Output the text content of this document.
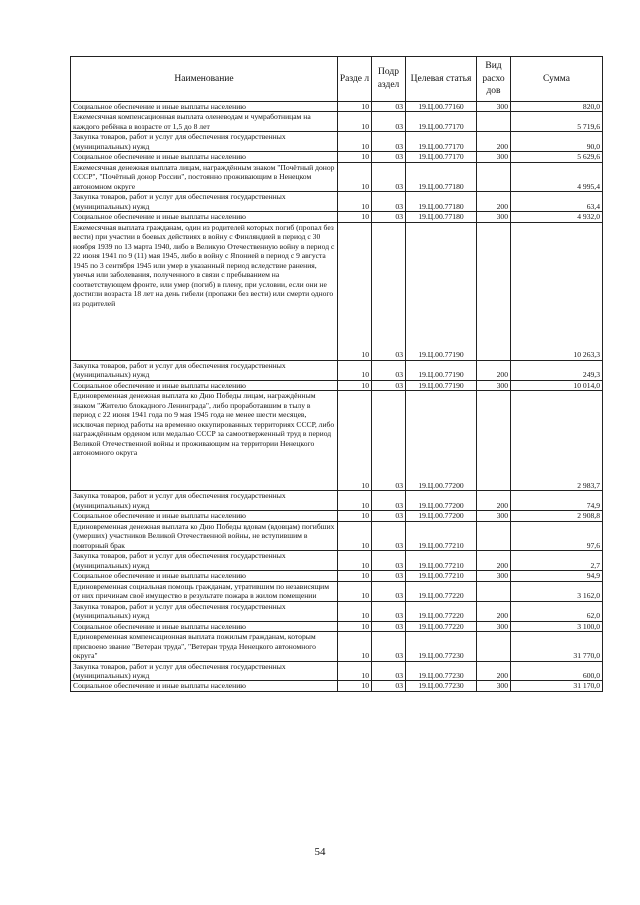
Наименование	Разде л	Подр аздел	Целевая статья	Вид расхо дов	Сумма
Социальное обеспечение и иные выплаты населению	10	03	19.Ц.00.77160	300	820,0
Ежемесячная компенсационная выплата оленеводам и чумработницам на каждого ребёнка в возрасте от 1,5 до 8 лет	10	03	19.Ц.00.77170		5 719,6
Закупка товаров, работ и услуг для обеспечения государственных (муниципальных) нужд	10	03	19.Ц.00.77170	200	90,0
Социальное обеспечение и иные выплаты населению	10	03	19.Ц.00.77170	300	5 629,6
Ежемесячная денежная выплата лицам, награждённым знаком "Почётный донор СССР", "Почётный донор России", постоянно проживающим в Ненецком автономном округе	10	03	19.Ц.00.77180		4 995,4
Закупка товаров, работ и услуг для обеспечения государственных (муниципальных) нужд	10	03	19.Ц.00.77180	200	63,4
Социальное обеспечение и иные выплаты населению	10	03	19.Ц.00.77180	300	4 932,0
Ежемесячная выплата гражданам, один из родителей которых погиб (пропал без вести) при участии в боевых действиях в войну с Финляндией в период с 30 ноября 1939 по 13 марта 1940, либо в Великую Отечественную войну в период с 22 июня 1941 по 9 (11) мая 1945, либо в войну с Японией в период с 9 августа 1945 по 3 сентября 1945 или умер в указанный период вследствие ранения, увечья или заболевания, полученного в связи с пребыванием на соответствующем фронте, или умер (погиб) в плену, при условии, если они не достигли возраста 18 лет на день гибели (пропажи без вести) или смерти одного из родителей	10	03	19.Ц.00.77190		10 263,3
Закупка товаров, работ и услуг для обеспечения государственных (муниципальных) нужд	10	03	19.Ц.00.77190	200	249,3
Социальное обеспечение и иные выплаты населению	10	03	19.Ц.00.77190	300	10 014,0
Единовременная денежная выплата ко Дню Победы лицам, награждённым знаком "Жителю блокадного Ленинграда", либо проработавшим в тылу в период с 22 июня 1941 года по 9 мая 1945 года не менее шести месяцев, исключая период работы на временно оккупированных территориях СССР, либо награждённым орденом или медалью СССР за самоотверженный труд в период Великой Отечественной войны и проживающим на территории Ненецкого автономного округа	10	03	19.Ц.00.77200		2 983,7
Закупка товаров, работ и услуг для обеспечения государственных (муниципальных) нужд	10	03	19.Ц.00.77200	200	74,9
Социальное обеспечение и иные выплаты населению	10	03	19.Ц.00.77200	300	2 908,8
Единовременная денежная выплата ко Дню Победы вдовам (вдовцам) погибших (умерших) участников Великой Отечественной войны, не вступившим в повторный брак	10	03	19.Ц.00.77210		97,6
Закупка товаров, работ и услуг для обеспечения государственных (муниципальных) нужд	10	03	19.Ц.00.77210	200	2,7
Социальное обеспечение и иные выплаты населению	10	03	19.Ц.00.77210	300	94,9
Единовременная социальная помощь гражданам, утратившим по независящим от них причинам своё имущество в результате пожара в жилом помещении	10	03	19.Ц.00.77220		3 162,0
Закупка товаров, работ и услуг для обеспечения государственных (муниципальных) нужд	10	03	19.Ц.00.77220	200	62,0
Социальное обеспечение и иные выплаты населению	10	03	19.Ц.00.77220	300	3 100,0
Единовременная компенсационная выплата пожилым гражданам, которым присвоено звание "Ветеран труда", "Ветеран труда Ненецкого автономного округа"	10	03	19.Ц.00.77230		31 770,0
Закупка товаров, работ и услуг для обеспечения государственных (муниципальных) нужд	10	03	19.Ц.00.77230	200	600,0
Социальное обеспечение и иные выплаты населению	10	03	19.Ц.00.77230	300	31 170,0
54
